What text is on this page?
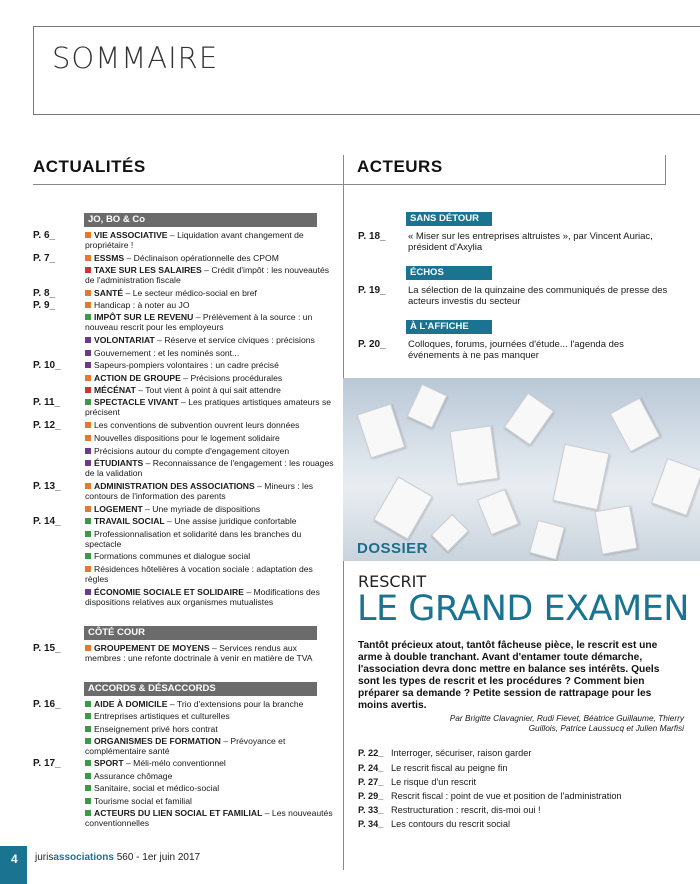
SOMMAIRE
ACTUALITÉS	ACTEURS
JO, BO & Co
CÔTÉ COUR
ACCORDS & DÉSACCORDS
P. 6_
P. 7_
P. 8_
P. 9_
P. 10_
P. 11_
P. 12_
P. 13_
P. 14_
P. 15_
P. 16_
P. 17_
VIE ASSOCIATIVE – Liquidation avant changement de propriétaire !
ESSMS – Déclinaison opérationnelle des CPOM
TAXE SUR LES SALAIRES – Crédit d'impôt : les nouveautés de l'administration fiscale
SANTÉ – Le secteur médico-social en bref
Handicap : à noter au JO
IMPÔT SUR LE REVENU – Prélèvement à la source : un nouveau rescrit pour les employeurs
VOLONTARIAT – Réserve et service civiques : précisions
Gouvernement : et les nominés sont...
Sapeurs-pompiers volontaires : un cadre précisé
ACTION DE GROUPE – Précisions procédurales
MÉCÉNAT – Tout vient à point à qui sait attendre
SPECTACLE VIVANT – Les pratiques artistiques amateurs se précisent
Les conventions de subvention ouvrent leurs données
Nouvelles dispositions pour le logement solidaire
Précisions autour du compte d'engagement citoyen
ÉTUDIANTS – Reconnaissance de l'engagement : les rouages de la validation
ADMINISTRATION DES ASSOCIATIONS – Mineurs : les contours de l'information des parents
LOGEMENT – Une myriade de dispositions
TRAVAIL SOCIAL – Une assise juridique confortable
Professionnalisation et solidarité dans les branches du spectacle
Formations communes et dialogue social
Résidences hôtelières à vocation sociale : adaptation des règles
ÉCONOMIE SOCIALE ET SOLIDAIRE – Modifications des dispositions relatives aux organismes mutualistes
GROUPEMENT DE MOYENS – Services rendus aux membres : une refonte doctrinale à venir en matière de TVA
AIDE À DOMICILE – Trio d'extensions pour la branche
Entreprises artistiques et culturelles
Enseignement privé hors contrat
ORGANISMES DE FORMATION – Prévoyance et complémentaire santé
SPORT – Méli-mélo conventionnel
Assurance chômage
Sanitaire, social et médico-social
Tourisme social et familial
ACTEURS DU LIEN SOCIAL ET FAMILIAL – Les nouveautés conventionnelles
SANS DÉTOUR
P. 18_ « Miser sur les entreprises altruistes », par Vincent Auriac, président d'Axylia
ÉCHOS
P. 19_ La sélection de la quinzaine des communiqués de presse des acteurs investis du secteur
À L'AFFICHE
P. 20_ Colloques, forums, journées d'étude... l'agenda des événements à ne pas manquer
DOSSIER
RESCRIT
LE GRAND EXAMEN
Tantôt précieux atout, tantôt fâcheuse pièce, le rescrit est une arme à double tranchant. Avant d'entamer toute démarche, l'association devra donc mettre en balance ses intérêts. Quels sont les types de rescrit et les procédures ? Comment bien préparer sa demande ? Petite session de rattrapage pour les moins avertis.
Par Brigitte Clavagnier, Rudi Fievet, Béatrice Guillaume, Thierry Guillois, Patrice Laussucq et Julien Marfisi
P. 22_ Interroger, sécuriser, raison garder
P. 24_ Le rescrit fiscal au peigne fin
P. 27_ Le risque d'un rescrit
P. 29_ Rescrit fiscal : point de vue et position de l'administration
P. 33_ Restructuration : rescrit, dis-moi oui !
P. 34_ Les contours du rescrit social
4 jurisassociations 560 - 1er juin 2017
